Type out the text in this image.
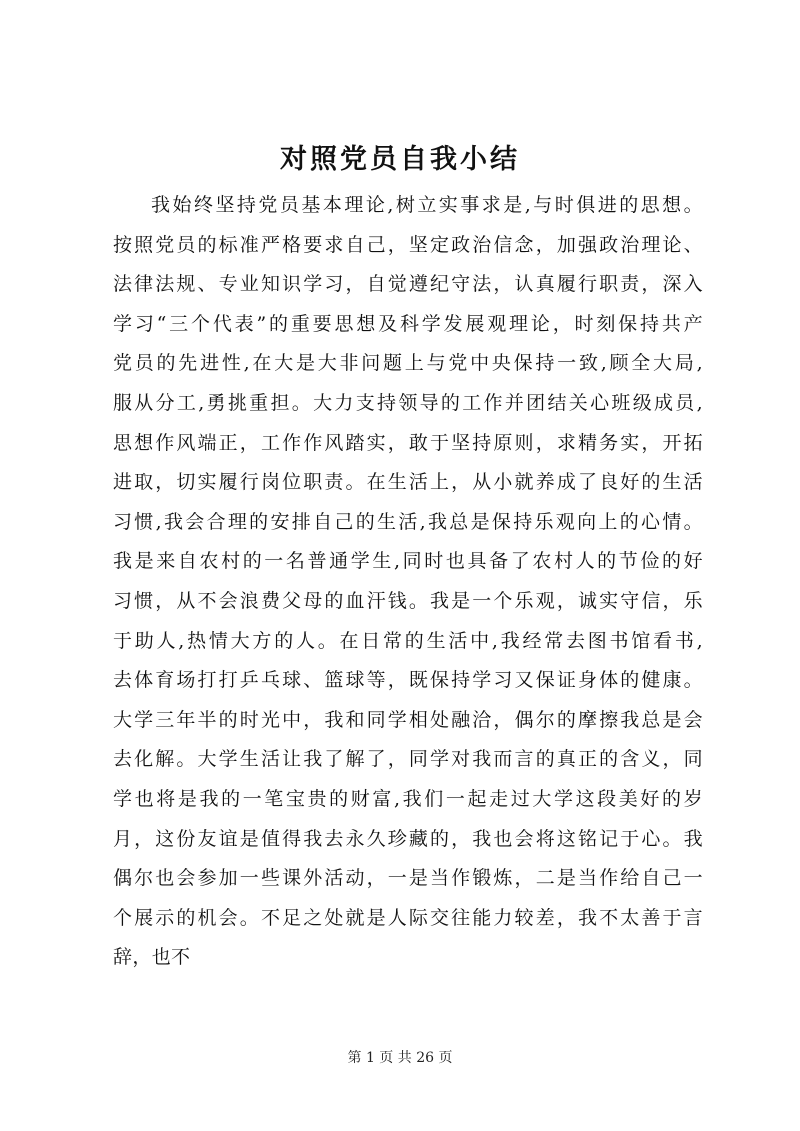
对照党员自我小结
我始终坚持党员基本理论,树立实事求是,与时俱进的思想。
按照党员的标准严格要求自己，坚定政治信念，加强政治理论、
法律法规、专业知识学习，自觉遵纪守法，认真履行职责，深入
学习“三个代表”的重要思想及科学发展观理论，时刻保持共产
党员的先进性,在大是大非问题上与党中央保持一致,顾全大局,
服从分工,勇挑重担。大力支持领导的工作并团结关心班级成员,
思想作风端正，工作作风踏实，敢于坚持原则，求精务实，开拓
进取，切实履行岗位职责。在生活上，从小就养成了良好的生活
习惯,我会合理的安排自己的生活,我总是保持乐观向上的心情。
我是来自农村的一名普通学生,同时也具备了农村人的节俭的好
习惯，从不会浪费父母的血汗钱。我是一个乐观，诚实守信，乐
于助人,热情大方的人。在日常的生活中,我经常去图书馆看书,
去体育场打打乒乓球、篮球等，既保持学习又保证身体的健康。
大学三年半的时光中，我和同学相处融洽，偶尔的摩擦我总是会
去化解。大学生活让我了解了，同学对我而言的真正的含义，同
学也将是我的一笔宝贵的财富,我们一起走过大学这段美好的岁
月，这份友谊是值得我去永久珍藏的，我也会将这铭记于心。我
偶尔也会参加一些课外活动，一是当作锻炼，二是当作给自己一
个展示的机会。不足之处就是人际交往能力较差，我不太善于言
辞，也不
第 1 页 共 26 页
